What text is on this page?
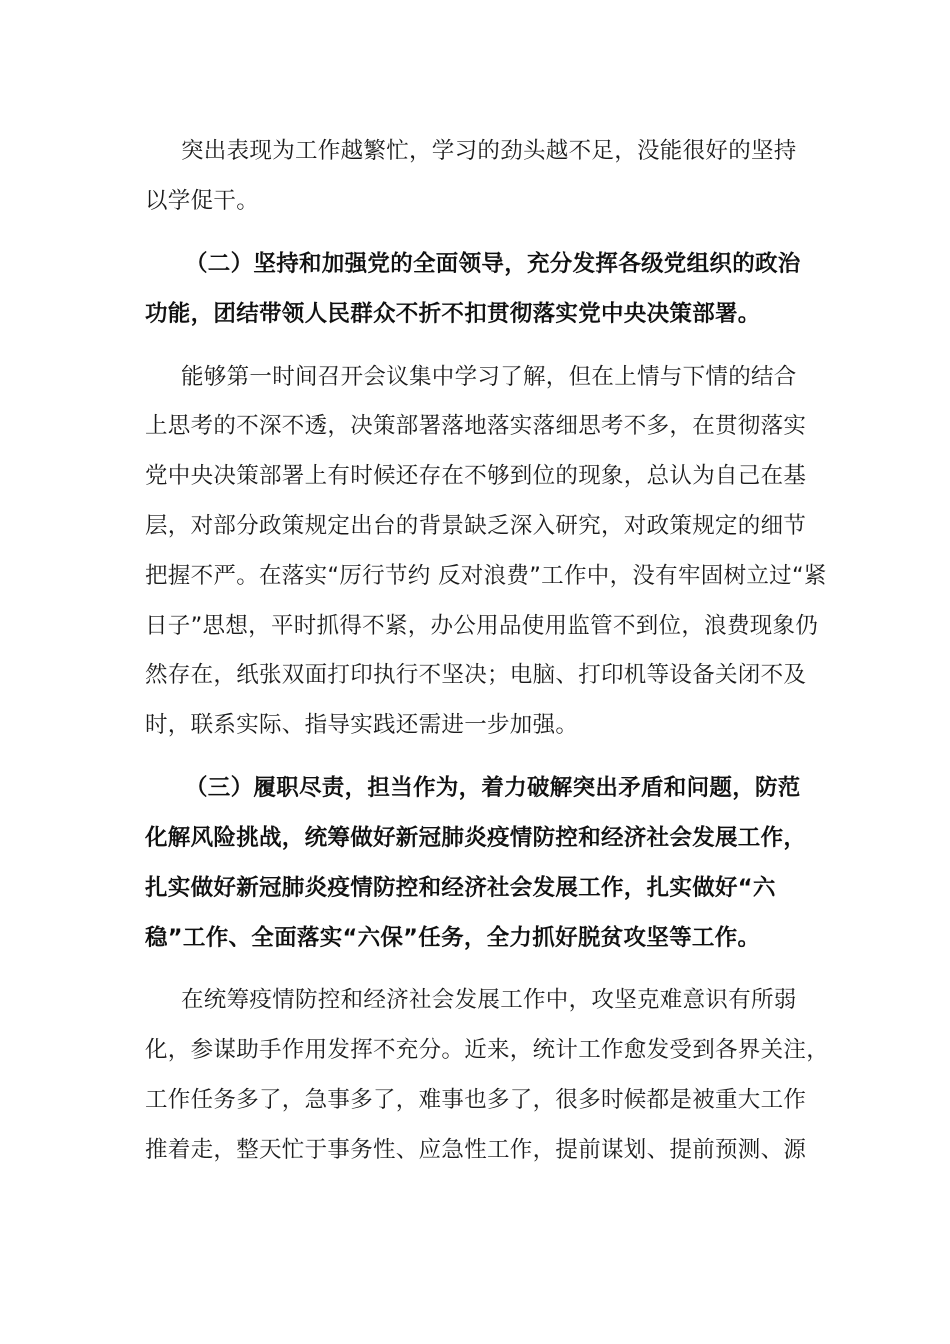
突出表现为工作越繁忙，学习的劲头越不足，没能很好的坚持
以学促干。
（二）坚持和加强党的全面领导，充分发挥各级党组织的政治
功能，团结带领人民群众不折不扣贯彻落实党中央决策部署。
能够第一时间召开会议集中学习了解，但在上情与下情的结合
上思考的不深不透，决策部署落地落实落细思考不多，在贯彻落实
党中央决策部署上有时候还存在不够到位的现象，总认为自己在基
层，对部分政策规定出台的背景缺乏深入研究，对政策规定的细节
把握不严。在落实“厉行节约 反对浪费”工作中，没有牢固树立过“紧
日子”思想，平时抓得不紧，办公用品使用监管不到位，浪费现象仍
然存在，纸张双面打印执行不坚决；电脑、打印机等设备关闭不及
时，联系实际、指导实践还需进一步加强。
（三）履职尽责，担当作为，着力破解突出矛盾和问题，防范
化解风险挑战，统筹做好新冠肺炎疫情防控和经济社会发展工作，
扎实做好新冠肺炎疫情防控和经济社会发展工作，扎实做好“六
稳”工作、全面落实“六保”任务，全力抓好脱贫攻坚等工作。
在统筹疫情防控和经济社会发展工作中，攻坚克难意识有所弱
化，参谋助手作用发挥不充分。近来，统计工作愈发受到各界关注，
工作任务多了，急事多了，难事也多了，很多时候都是被重大工作
推着走，整天忙于事务性、应急性工作，提前谋划、提前预测、源
